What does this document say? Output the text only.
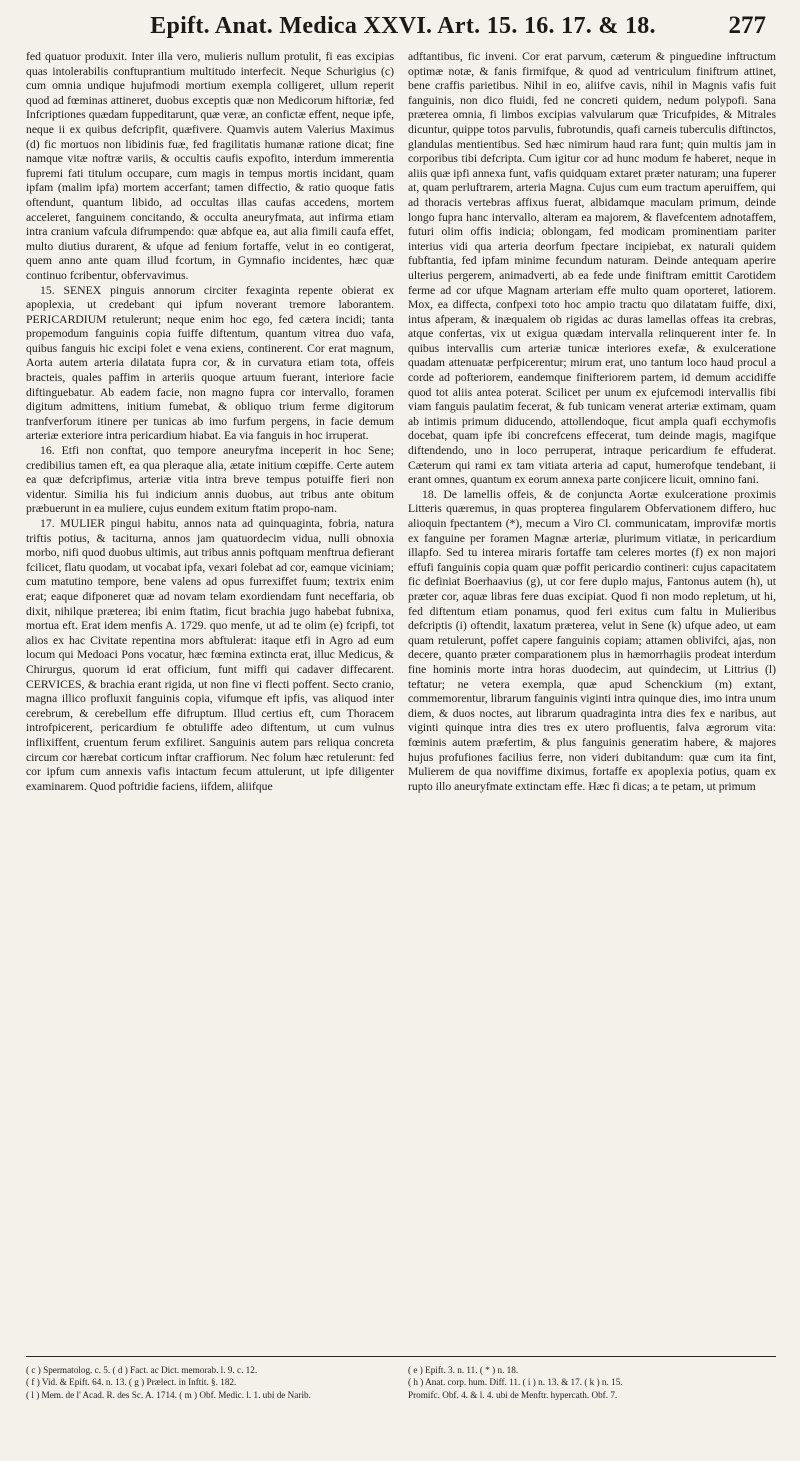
Epift. Anat. Medica XXVI. Art. 15. 16. 17. & 18.	277

fed quatuor produxit. Inter illa vero, mulieris nullum protulit, fi eas excipias quas intolerabilis conftuprantium multitudo interfecit. Neque Schurigius (c) cum omnia undique hujufmodi mortium exempla colligeret, ullum reperit quod ad fœminas attineret, duobus exceptis quæ non Medicorum hiftoriæ, fed Infcriptiones quædam fuppeditarunt, quæ veræ, an confictæ effent, neque ipfe, neque ii ex quibus defcripfit, quæfivere. Quamvis autem Valerius Maximus (d) fic mortuos non libidinis fuæ, fed fragilitatis humanæ ratione dicat; fine namque vitæ noftræ variis, & occultis caufis expofito, interdum immerentia fupremi fati titulum occupare, cum magis in tempus mortis incidant, quam ipfam (malim ipfa) mortem accerfant; tamen diffectio, & ratio quoque fatis oftendunt, quantum libido, ad occultas illas caufas accedens, mortem acceleret, fanguinem concitando, & occulta aneuryfmata, aut infirma etiam intra cranium vafcula difrumpendo: quæ abfque ea, aut alia fimili caufa effet, multo diutius durarent, & ufque ad fenium fortaffe, velut in eo contigerat, quem anno ante quam illud fcortum, in Gymnafio incidentes, hæc quæ continuo fcribentur, obfervavimus.

15. SENEX pinguis annorum circiter fexaginta repente obierat ex apoplexia, ut credebant qui ipfum noverant tremore laborantem. PERICARDIUM retulerunt; neque enim hoc ego, fed cætera incidi; tanta propemodum fanguinis copia fuiffe diftentum, quantum vitrea duo vafa, quibus fanguis hic excipi folet e vena exiens, continerent. Cor erat magnum, Aorta autem arteria dilatata fupra cor, & in curvatura etiam tota, offeis bracteis, quales paffim in arteriis quoque artuum fuerant, interiore facie diftinguebatur. Ab eadem facie, non magno fupra cor intervallo, foramen digitum admittens, initium fumebat, & obliquo trium ferme digitorum tranfverforum itinere per tunicas ab imo furfum pergens, in facie demum arteriæ exteriore intra pericardium hiabat. Ea via fanguis in hoc irruperat.

16. Etfi non conftat, quo tempore aneuryfma inceperit in hoc Sene; credibilius tamen eft, ea qua pleraque alia, ætate initium cœpiffe. Certe autem ea quæ defcripfimus, arteriæ vitia intra breve tempus potuiffe fieri non videntur. Similia his fui indicium annis duobus, aut tribus ante obitum præbuerunt in ea muliere, cujus eundem exitum ftatim propo-nam.

17. MULIER pingui habitu, annos nata ad quinquaginta, fobria, natura triftis potius, & taciturna, annos jam quatuordecim vidua, nulli obnoxia morbo, nifi quod duobus ultimis, aut tribus annis poftquam menftrua defierant fcilicet, flatu quodam, ut vocabat ipfa, vexari folebat ad cor, eamque viciniam; cum matutino tempore, bene valens ad opus furrexiffet fuum; textrix enim erat; eaque difponeret quæ ad novam telam exordiendam funt neceffaria, ob dixit, nihilque præterea; ibi enim ftatim, ficut brachia jugo habebat fubnixa, mortua eft. Erat idem menfis A. 1729. quo menfe, ut ad te olim (e) fcripfi, tot alios ex hac Civitate repentina mors abftulerat: itaque etfi in Agro ad eum locum qui Medoaci Pons vocatur, hæc fœmina extincta erat, illuc Medicus, & Chirurgus, quorum id erat officium, funt miffi qui cadaver diffecarent. CERVICES, & brachia erant rigida, ut non fine vi flecti poffent. Secto cranio, magna illico profluxit fanguinis copia, vifumque eft ipfis, vas aliquod inter cerebrum, & cerebellum effe difruptum. Illud certius eft, cum Thoracem introfpicerent, pericardium fe obtuliffe adeo diftentum, ut cum vulnus inflixiffent, cruentum ferum exfiliret. Sanguinis autem pars reliqua concreta circum cor hærebat corticum inftar craffiorum. Nec folum hæc retulerunt: fed cor ipfum cum annexis vafis intactum fecum attulerunt, ut ipfe diligenter examinarem. Quod poftridie faciens, iifdem, aliifque

adftantibus, fic inveni. Cor erat parvum, cæterum & pinguedine inftructum optimæ notæ, & fanis firmifque, & quod ad ventriculum finiftrum attinet, bene craffis parietibus. Nihil in eo, aliifve cavis, nihil in Magnis vafis fuit fanguinis, non dico fluidi, fed ne concreti quidem, nedum polypofi. Sana præterea omnia, fi limbos excipias valvularum quæ Tricufpides, & Mitrales dicuntur, quippe totos parvulis, fubrotundis, quafi carneis tuberculis diftinctos, glandulas mentientibus. Sed hæc nimirum haud rara funt; quin multis jam in corporibus tibi defcripta. Cum igitur cor ad hunc modum fe haberet, neque in aliis quæ ipfi annexa funt, vafis quidquam extaret præter naturam; una fuperer at, quam perluftrarem, arteria Magna. Cujus cum eum tractum aperuiffem, qui ad thoracis vertebras affixus fuerat, albidamque maculam primum, deinde longo fupra hanc intervallo, alteram ea majorem, & flavefcentem adnotaffem, futuri olim offis indicia; oblongam, fed modicam prominentiam pariter interius vidi qua arteria deorfum fpectare incipiebat, ex naturali quidem fubftantia, fed ipfam minime fecundum naturam. Deinde antequam aperire ulterius pergerem, animadverti, ab ea fede unde finiftram emittit Carotidem ferme ad cor ufque Magnam arteriam effe multo quam oporteret, latiorem. Mox, ea diffecta, confpexi toto hoc ampio tractu quo dilatatam fuiffe, dixi, intus afperam, & inæqualem ob rigidas ac duras lamellas offeas ita crebras, atque confertas, vix ut exigua quædam intervalla relinquerent inter fe. In quibus intervallis cum arteriæ tunicæ interiores exefæ, & exulceratione quadam attenuatæ perfpicerentur; mirum erat, uno tantum loco haud procul a corde ad pofteriorem, eandemque finifteriorem partem, id demum accidiffe quod tot aliis antea poterat. Scilicet per unum ex ejufcemodi intervallis fibi viam fanguis paulatim fecerat, & fub tunicam venerat arteriæ extimam, quam ab intimis primum diducendo, attollendoque, ficut ampla quafi ecchymofis docebat, quam ipfe ibi concrefcens effecerat, tum deinde magis, magifque diftendendo, uno in loco perruperat, intraque pericardium fe effuderat. Cæterum qui rami ex tam vitiata arteria ad caput, humerofque tendebant, ii erant omnes, quantum ex eorum annexa parte conjicere licuit, omnino fani.

18. De lamellis offeis, & de conjuncta Aortæ exulceratione proximis Litteris quæremus, in quas propterea fingularem Obfervationem differo, huc alioquin fpectantem (*), mecum a Viro Cl. communicatam, improvifæ mortis ex fanguine per foramen Magnæ arteriæ, plurimum vitiatæ, in pericardium illapfo. Sed tu interea miraris fortaffe tam celeres mortes (f) ex non majori effufi fanguinis copia quam quæ poffit pericardio contineri: cujus capacitatem fic definiat Boerhaavius (g), ut cor fere duplo majus, Fantonus autem (h), ut præter cor, aquæ libras fere duas excipiat. Quod fi non modo repletum, ut hi, fed diftentum etiam ponamus, quod feri exitus cum faltu in Mulieribus defcriptis (i) oftendit, laxatum præterea, velut in Sene (k) ufque adeo, ut eam quam retulerunt, poffet capere fanguinis copiam; attamen oblivifci, ajas, non decere, quanto præter comparationem plus in hæmorrhagiis prodeat interdum fine hominis morte intra horas duodecim, aut quindecim, ut Littrius (l) teftatur; ne vetera exempla, quæ apud Schenckium (m) extant, commemorentur, librarum fanguinis viginti intra quinque dies, imo intra unum diem, & duos noctes, aut librarum quadraginta intra dies fex e naribus, aut viginti quinque intra dies tres ex utero profluentis, falva ægrorum vita: fœminis autem præfertim, & plus fanguinis generatim habere, & majores hujus profufiones facilius ferre, non videri dubitandum: quæ cum ita fint, Mulierem de qua noviffime diximus, fortaffe ex apoplexia potius, quam ex rupto illo aneuryfmate extinctam effe. Hæc fi dicas; a te petam, ut primum

( c ) Spermatolog. c. 5. ( d ) Fact. ac Dict. memorab. l. 9. c. 12.
( f ) Vid. & Epift. 64. n. 13. ( g ) Prælect. in Inftit. §. 182.
( l ) Mem. de l' Acad. R. des Sc. A. 1714. ( m ) Obf. Medic. l. 1. ubi de Narib.
( e ) Epift. 3. n. 11. ( * ) n. 18.
( h ) Anat. corp. hum. Diff. 11. ( i ) n. 13. & 17. ( k ) n. 15.
Promifc. Obf. 4. & l. 4. ubi de Menftr. hypercath. Obf. 7.
